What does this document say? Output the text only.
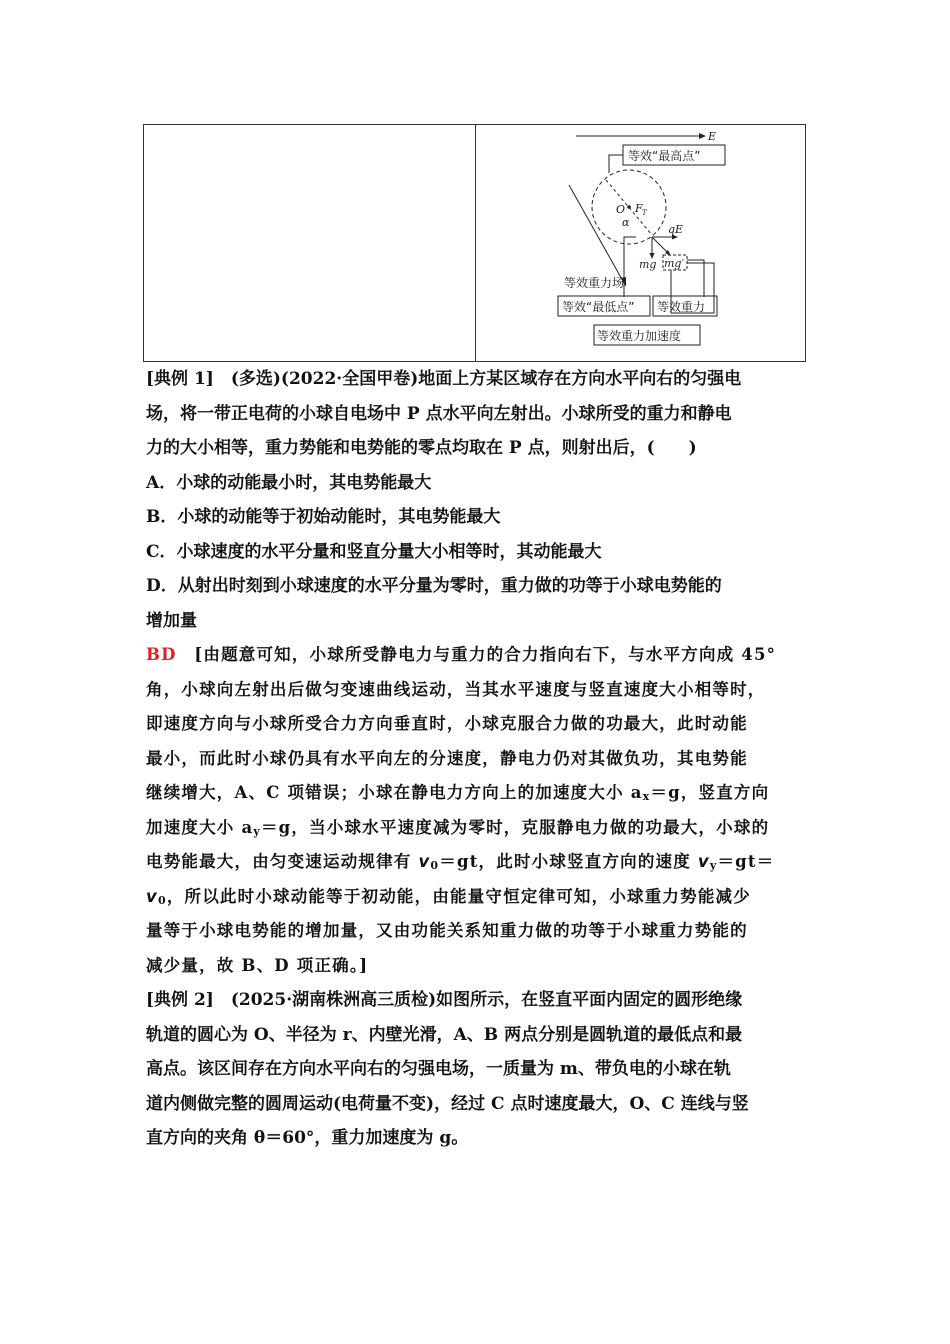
E
等效“最高点”
O F T
α
qE
mg mg′
等效重力场
等效“最低点” 等效重力
等效重力加速度
[典例 1]　 (多选)(2022·全国甲卷)地面上方某区域存在方向水平向右的匀强电
场，将一带正电荷的小球自电场中 P 点水平向左射出。小球所受的重力和静电
力的大小相等，重力势能和电势能的零点均取在 P 点，则射出后，(　　)
A．小球的动能最小时，其电势能最大
B．小球的动能等于初始动能时，其电势能最大
C．小球速度的水平分量和竖直分量大小相等时，其动能最大
D．从射出时刻到小球速度的水平分量为零时，重力做的功等于小球电势能的
增加量
BD　 [由题意可知，小球所受静电力与重力的合力指向右下，与水平方向成 45°
角，小球向左射出后做匀变速曲线运动，当其水平速度与竖直速度大小相等时，
即速度方向与小球所受合力方向垂直时，小球克服合力做的功最大，此时动能
最小，而此时小球仍具有水平向左的分速度，静电力仍对其做负功，其电势能
继续增大，A、C 项错误；小球在静电力方向上的加速度大小 $a_x=g$，竖直方向
加速度大小 $a_y=g$，当小球水平速度减为零时，克服静电力做的功最大，小球的
电势能最大，由匀变速运动规律有 $v_0=gt$，此时小球竖直方向的速度 $v_y=gt=$
$v_0$，所以此时小球动能等于初动能，由能量守恒定律可知，小球重力势能减少
量等于小球电势能的增加量，又由功能关系知重力做的功等于小球重力势能的
减少量，故 B、D 项正确。]
[典例 2]　 (2025·湖南株洲高三质检)如图所示，在竖直平面内固定的圆形绝缘
轨道的圆心为 O、半径为 r、内壁光滑，A、B 两点分别是圆轨道的最低点和最
高点。该区间存在方向水平向右的匀强电场，一质量为 m、带负电的小球在轨
道内侧做完整的圆周运动(电荷量不变)，经过 C 点时速度最大，O、C 连线与竖
直方向的夹角 θ＝60°，重力加速度为 g。
